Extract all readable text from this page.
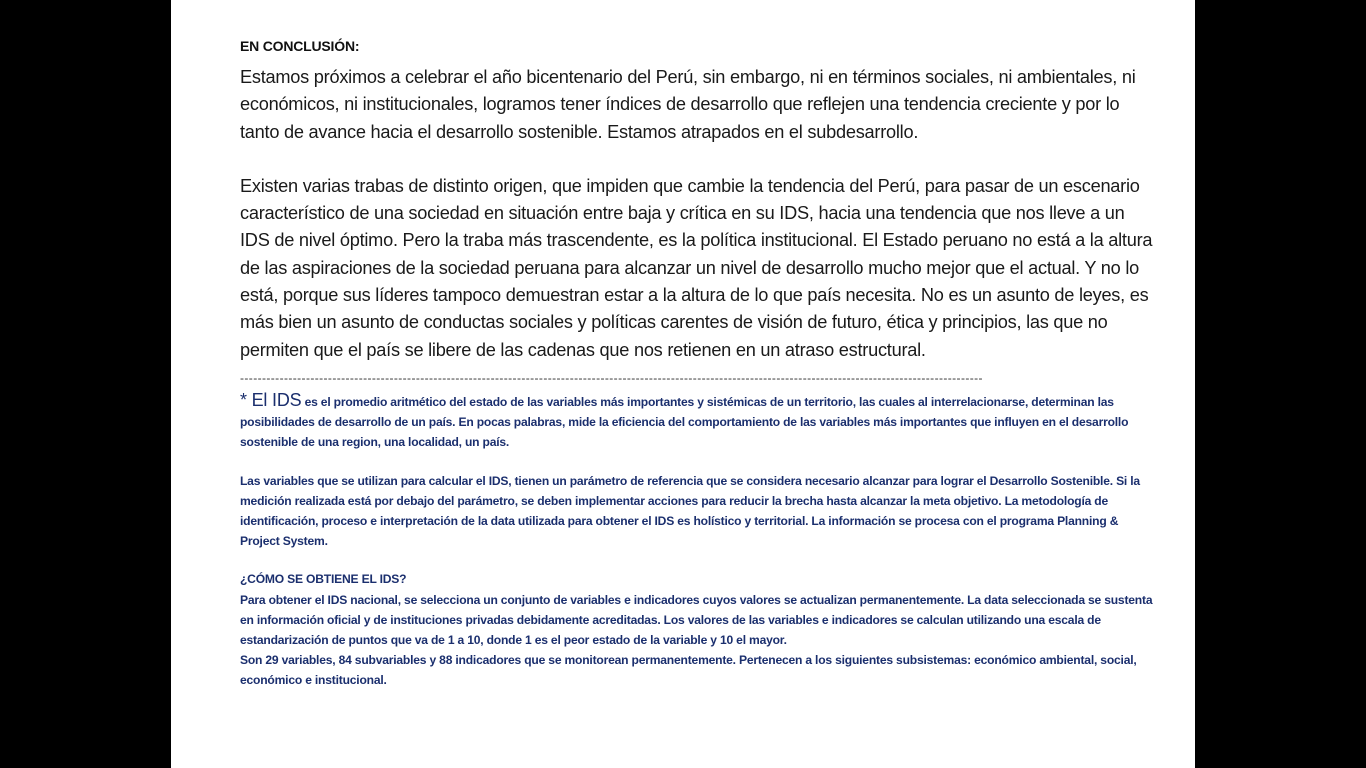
EN CONCLUSIÓN:

Estamos próximos a celebrar el año bicentenario del Perú, sin embargo, ni en términos sociales, ni ambientales, ni económicos, ni institucionales, logramos tener índices de desarrollo que reflejen una tendencia creciente y por lo tanto de avance hacia el desarrollo sostenible. Estamos atrapados en el subdesarrollo.

Existen varias trabas de distinto origen, que impiden que cambie la tendencia del Perú, para pasar de un escenario característico de una sociedad en situación entre baja y crítica en su IDS, hacia una tendencia que nos lleve a un IDS de nivel óptimo. Pero la traba más trascendente, es la política institucional. El Estado peruano no está a la altura de las aspiraciones de la sociedad peruana para alcanzar un nivel de desarrollo mucho mejor que el actual. Y no lo está, porque sus líderes tampoco demuestran estar a la altura de lo que país necesita. No es un asunto de leyes, es más bien un asunto de conductas sociales y políticas carentes de visión de futuro, ética y principios, las que no permiten que el país se libere de las cadenas que nos retienen en un atraso estructural.

-------------------------------------------------------------------------------------------------------------------------------------------------------------------------

* El IDS es el promedio aritmético del estado de las variables más importantes y sistémicas de un territorio, las cuales al interrelacionarse, determinan las posibilidades de desarrollo de un país. En pocas palabras, mide la eficiencia del comportamiento de las variables más importantes que influyen en el desarrollo sostenible de una region, una localidad, un país.

Las variables que se utilizan para calcular el IDS, tienen un parámetro de referencia que se considera necesario alcanzar para lograr el Desarrollo Sostenible. Si la medición realizada está por debajo del parámetro, se deben implementar acciones para reducir la brecha hasta alcanzar la meta objetivo. La metodología de identificación, proceso e interpretación de la data utilizada para obtener el IDS es holístico y territorial. La información se procesa con el programa Planning & Project System.

¿CÓMO SE OBTIENE EL IDS?

Para obtener el IDS nacional, se selecciona un conjunto de variables e indicadores cuyos valores se actualizan permanentemente. La data seleccionada se sustenta en información oficial y de instituciones privadas debidamente acreditadas. Los valores de las variables e indicadores se calculan utilizando una escala de estandarización de puntos que va de 1 a 10, donde 1 es el peor estado de la variable y 10 el mayor.

Son 29 variables, 84 subvariables y 88 indicadores que se monitorean permanentemente. Pertenecen a los siguientes subsistemas: económico ambiental, social, económico e institucional.
